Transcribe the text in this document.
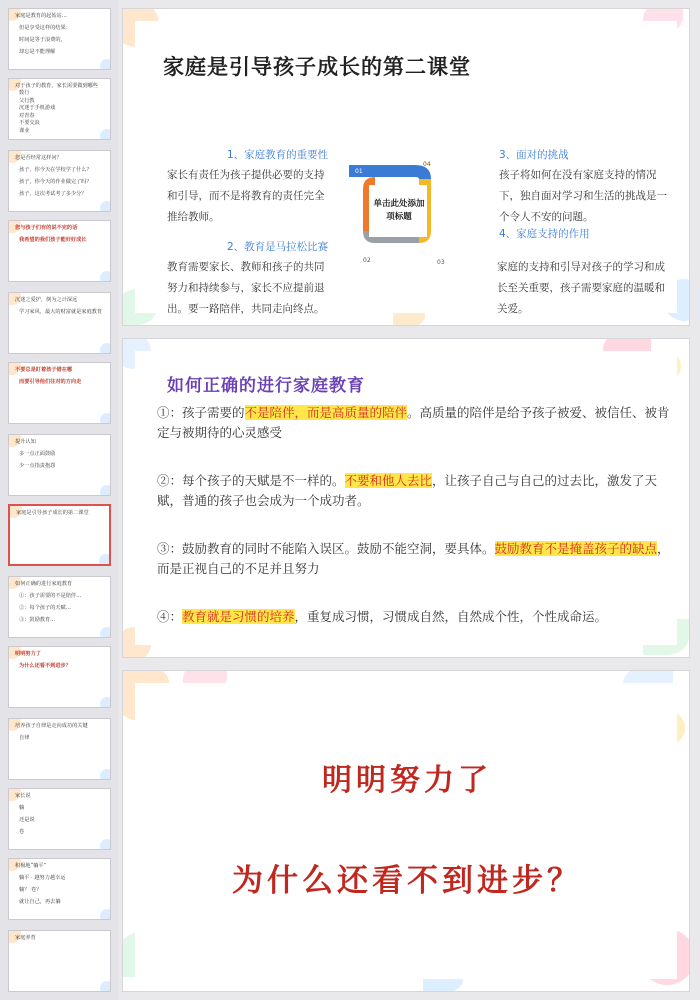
家庭是教育的起始站…
但是享受这样的结果：
时间是等于浪费的，
却忘是不能理解
对于孩子的教育，家长需要做到哪些
数行
父行教
沉迷于手机游戏
对青春
不要交浪
课业
您是否经常这样问？
孩子，你今天在学校学了什么？
孩子，你今天的作业做完了吗？
孩子，这次考试考了多少分？
您与孩子们有的说不完的话
我希望的我们孩子能好好成长
沉迷之爱护，倒为之计深远
学习家风，最大的财富就是家庭教育
不要总是盯着孩子错在哪
而要引导他们往对的方向走
提升认知
多一点正面鼓励
少一点指责抱怨
家庭是引导孩子成长的第二课堂
如何正确的进行家庭教育
①：孩子需要的不是陪伴…
②：每个孩子的天赋…
③：鼓励教育…
明明努力了
为什么还看不到进步？
培养孩子自律是走向成功的关键
自律
家长说
躺
还是说
卷
积极地“躺平”
躺平 · 越努力越幸运
躺？ 卷？
就让自己，再去躺
家庭养育
家庭是引导孩子成长的第二课堂
1、家庭教育的重要性
家长有责任为孩子提供必要的支持和引导，而不是将教育的责任完全推给教师。
2、教育是马拉松比赛
教育需要家长、教师和孩子的共同努力和持续参与，家长不应提前退出。要一路陪伴，共同走向终点。
3、面对的挑战
孩子将如何在没有家庭支持的情况下，独自面对学习和生活的挑战是一个令人不安的问题。
4、家庭支持的作用
家庭的支持和引导对孩子的学习和成长至关重要，孩子需要家庭的温暖和关爱。
01
04
03
02
单击此处添加项标题
如何正确的进行家庭教育
①：孩子需要的不是陪伴，而是高质量的陪伴。高质量的陪伴是给予孩子被爱、被信任、被肯定与被期待的心灵感受
②：每个孩子的天赋是不一样的。不要和他人去比，让孩子自己与自己的过去比，激发了天赋，普通的孩子也会成为一个成功者。
③：鼓励教育的同时不能陷入误区。鼓励不能空洞，要具体。鼓励教育不是掩盖孩子的缺点，而是正视自己的不足并且努力
④：教育就是习惯的培养，重复成习惯，习惯成自然，自然成个性，个性成命运。
明明努力了
为什么还看不到进步？
